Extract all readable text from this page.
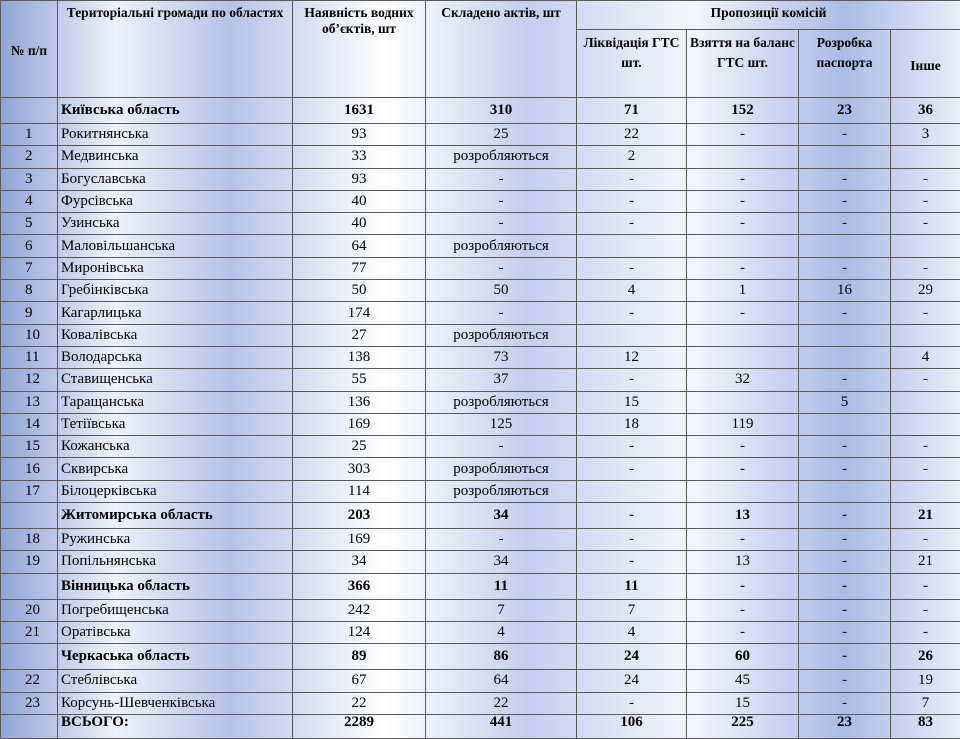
№ п/п	Територіальні громади по областях	Наявність водних об’єктів, шт	Складено актів, шт	Пропозиції комісій			
				Ліквідація ГТС шт.	Взяття на баланс ГТС шт.	Розробка паспорта	Інше
	Київська область	1631	310	71	152	23	36
1	Рокитнянська	93	25	22	-	-	3
2	Медвинська	33	розробляються	2			
3	Богуславська	93	-	-	-	-	-
4	Фурсівська	40	-	-	-	-	-
5	Узинська	40	-	-	-	-	-
6	Маловільшанська	64	розробляються				
7	Миронівська	77	-	-	-	-	-
8	Гребінківська	50	50	4	1	16	29
9	Кагарлицька	174	-	-	-	-	-
10	Ковалівська	27	розробляються				
11	Володарська	138	73	12			4
12	Ставищенська	55	37	-	32	-	-
13	Таращанська	136	розробляються	15		5	
14	Тетіївська	169	125	18	119		
15	Кожанська	25	-	-	-	-	-
16	Сквирська	303	розробляються	-	-	-	-
17	Білоцерківська	114	розробляються				
	Житомирська область	203	34	-	13	-	21
18	Ружинська	169	-	-	-	-	-
19	Попільнянська	34	34	-	13	-	21
	Вінницька область	366	11	11	-	-	-
20	Погребищенська	242	7	7	-	-	-
21	Оратівська	124	4	4	-	-	-
	Черкаська область	89	86	24	60	-	26
22	Стеблівська	67	64	24	45	-	19
23	Корсунь-Шевченківська	22	22	-	15	-	7
	ВСЬОГО:	2289	441	106	225	23	83
